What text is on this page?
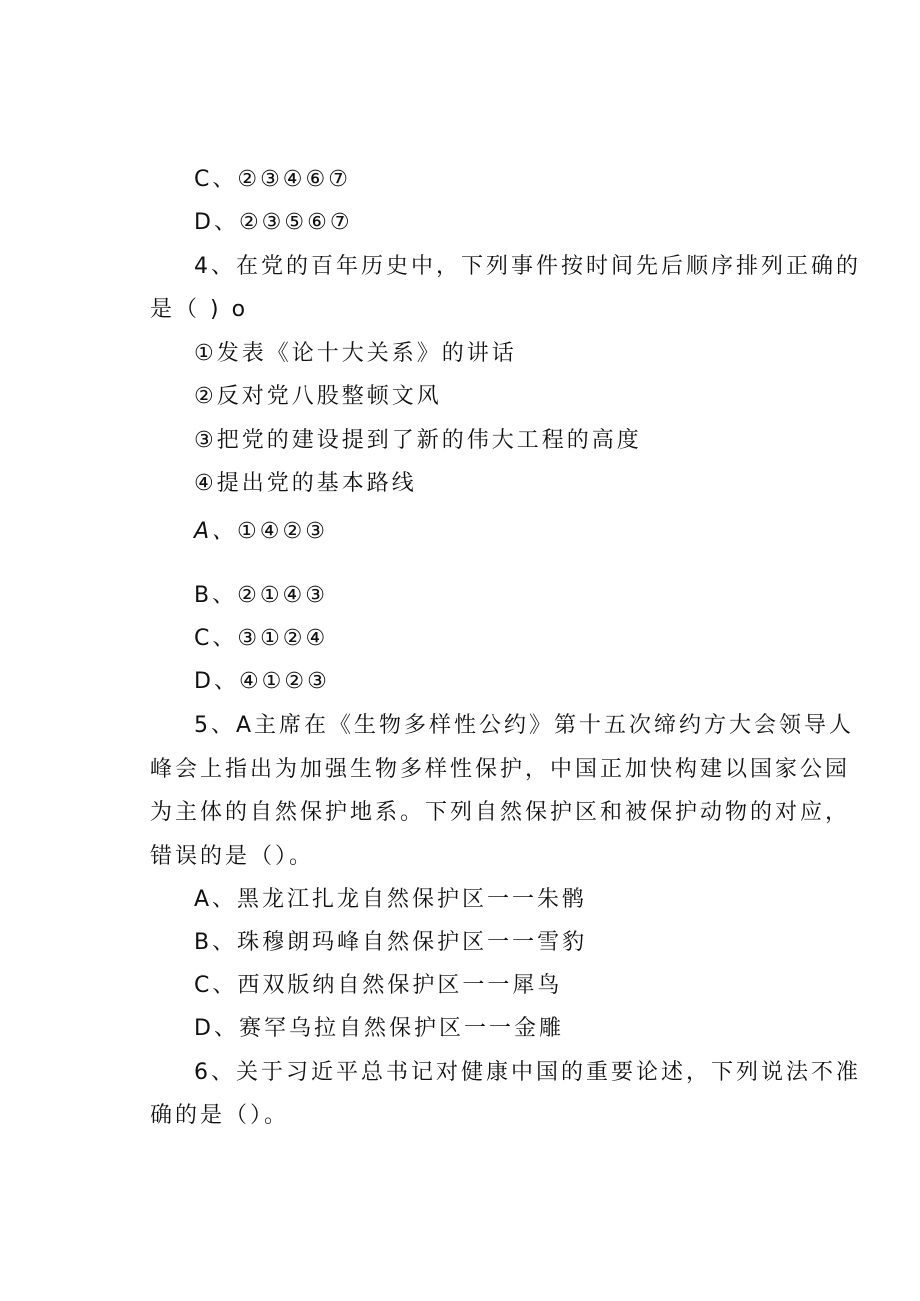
C、②③④⑥⑦
D、②③⑤⑥⑦
4、在党的百年历史中，下列事件按时间先后顺序排列正确的
是（ ) o
①发表《论十大关系》的讲话
②反对党八股整顿文风
③把党的建设提到了新的伟大工程的高度
④提出党的基本路线
A、①④②③
B、②①④③
C、③①②④
D、④①②③
5、A主席在《生物多样性公约》第十五次缔约方大会领导人
峰会上指出为加强生物多样性保护，中国正加快构建以国家公园
为主体的自然保护地系。下列自然保护区和被保护动物的对应，
错误的是（）。
A、黑龙江扎龙自然保护区一一朱鹘
B、珠穆朗玛峰自然保护区一一雪豹
C、西双版纳自然保护区一一犀鸟
D、赛罕乌拉自然保护区一一金雕
6、关于习近平总书记对健康中国的重要论述，下列说法不准
确的是（）。
